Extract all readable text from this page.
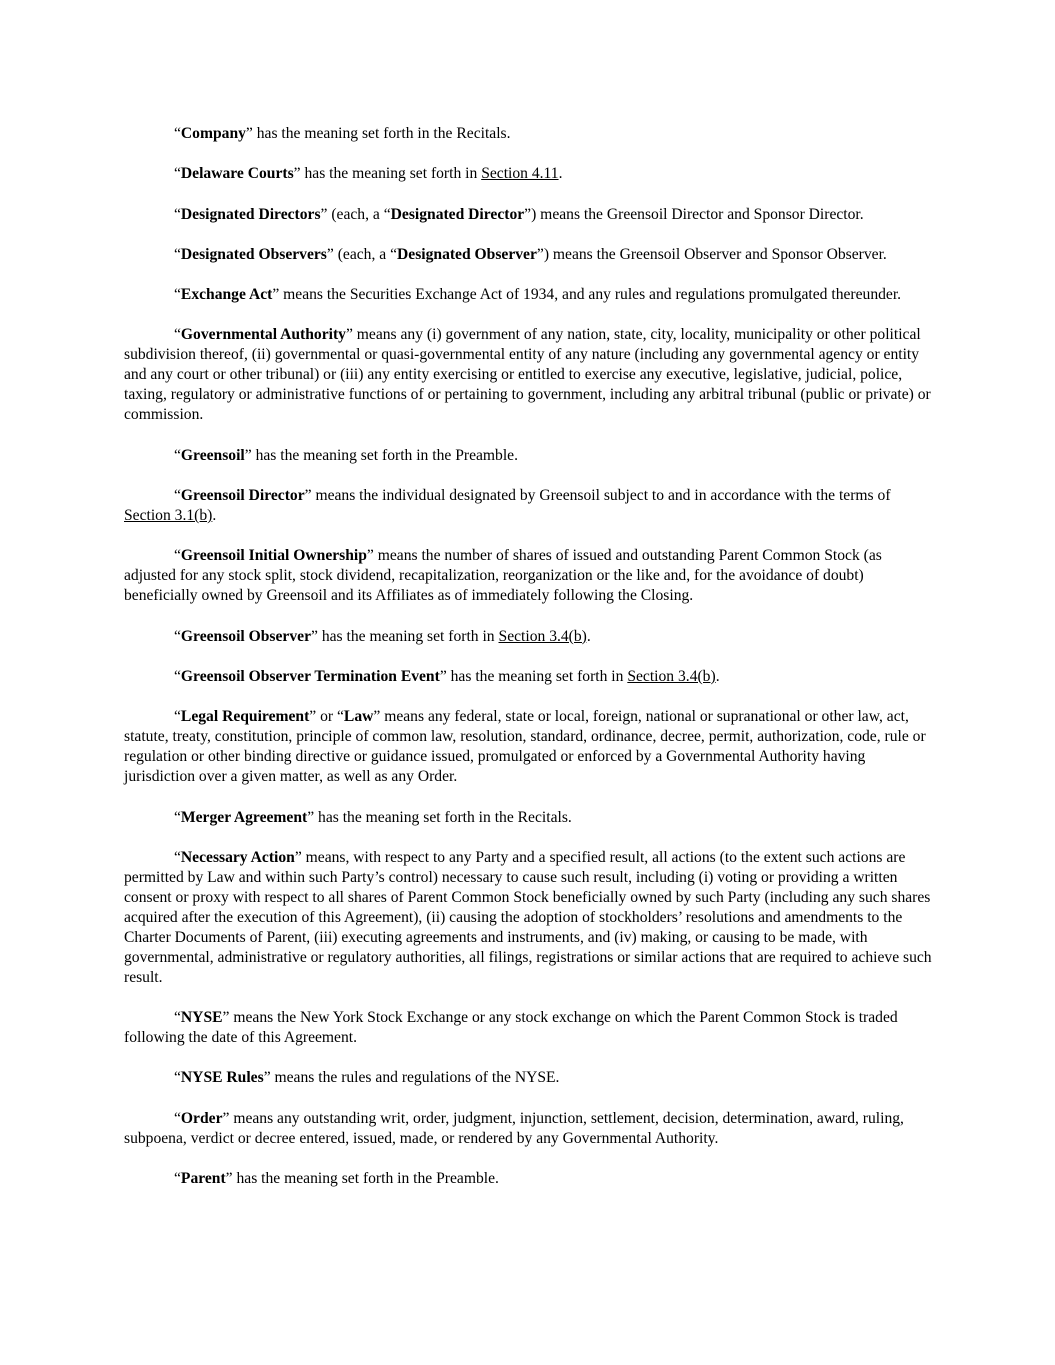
“Company” has the meaning set forth in the Recitals.

“Delaware Courts” has the meaning set forth in Section 4.11.

“Designated Directors” (each, a “Designated Director”) means the Greensoil Director and Sponsor Director.

“Designated Observers” (each, a “Designated Observer”) means the Greensoil Observer and Sponsor Observer.

“Exchange Act” means the Securities Exchange Act of 1934, and any rules and regulations promulgated thereunder.

“Governmental Authority” means any (i) government of any nation, state, city, locality, municipality or other political subdivision thereof, (ii) governmental or quasi-governmental entity of any nature (including any governmental agency or entity and any court or other tribunal) or (iii) any entity exercising or entitled to exercise any executive, legislative, judicial, police, taxing, regulatory or administrative functions of or pertaining to government, including any arbitral tribunal (public or private) or commission.

“Greensoil” has the meaning set forth in the Preamble.

“Greensoil Director” means the individual designated by Greensoil subject to and in accordance with the terms of Section 3.1(b).

“Greensoil Initial Ownership” means the number of shares of issued and outstanding Parent Common Stock (as adjusted for any stock split, stock dividend, recapitalization, reorganization or the like and, for the avoidance of doubt) beneficially owned by Greensoil and its Affiliates as of immediately following the Closing.

“Greensoil Observer” has the meaning set forth in Section 3.4(b).

“Greensoil Observer Termination Event” has the meaning set forth in Section 3.4(b).

“Legal Requirement” or “Law” means any federal, state or local, foreign, national or supranational or other law, act, statute, treaty, constitution, principle of common law, resolution, standard, ordinance, decree, permit, authorization, code, rule or regulation or other binding directive or guidance issued, promulgated or enforced by a Governmental Authority having jurisdiction over a given matter, as well as any Order.

“Merger Agreement” has the meaning set forth in the Recitals.

“Necessary Action” means, with respect to any Party and a specified result, all actions (to the extent such actions are permitted by Law and within such Party’s control) necessary to cause such result, including (i) voting or providing a written consent or proxy with respect to all shares of Parent Common Stock beneficially owned by such Party (including any such shares acquired after the execution of this Agreement), (ii) causing the adoption of stockholders’ resolutions and amendments to the Charter Documents of Parent, (iii) executing agreements and instruments, and (iv) making, or causing to be made, with governmental, administrative or regulatory authorities, all filings, registrations or similar actions that are required to achieve such result.

“NYSE” means the New York Stock Exchange or any stock exchange on which the Parent Common Stock is traded following the date of this Agreement.

“NYSE Rules” means the rules and regulations of the NYSE.

“Order” means any outstanding writ, order, judgment, injunction, settlement, decision, determination, award, ruling, subpoena, verdict or decree entered, issued, made, or rendered by any Governmental Authority.

“Parent” has the meaning set forth in the Preamble.
